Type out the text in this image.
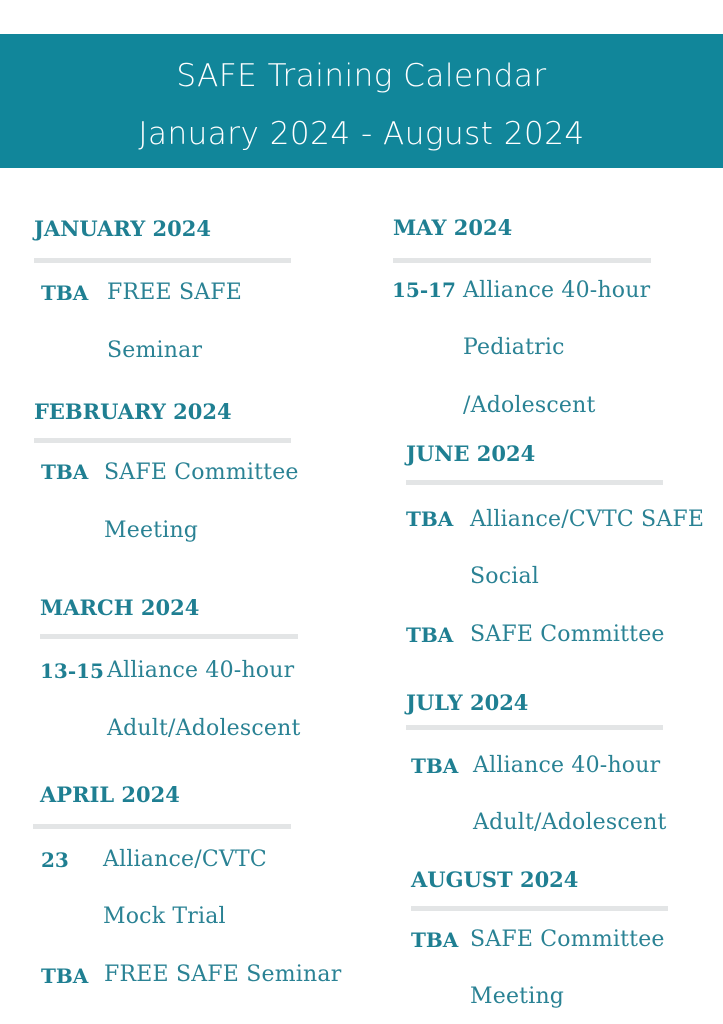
SAFE Training Calendar
January 2024 - August 2024
JANUARY 2024
TBA FREE SAFE
Seminar
FEBRUARY 2024
TBA SAFE Committee
Meeting
MARCH 2024
13-15 Alliance 40-hour
Adult/Adolescent
APRIL 2024
23 Alliance/CVTC
Mock Trial
TBA FREE SAFE Seminar
MAY 2024
15-17 Alliance 40-hour
Pediatric
/Adolescent
JUNE 2024
TBA Alliance/CVTC SAFE
Social
TBA SAFE Committee
JULY 2024
TBA Alliance 40-hour
Adult/Adolescent
AUGUST 2024
TBA SAFE Committee
Meeting
